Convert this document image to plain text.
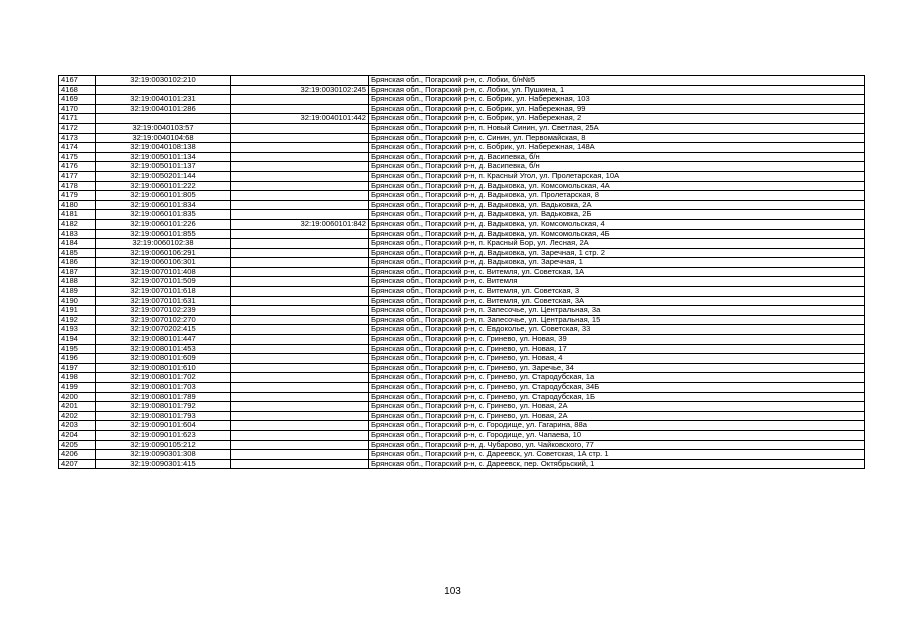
4167	32:19:0030102:210		Брянская обл., Погарский р-н, с. Лобки, б/н№5
4168		32:19:0030102:245	Брянская обл., Погарский р-н, с. Лобки, ул. Пушкина, 1
4169	32:19:0040101:231		Брянская обл., Погарский р-н, с. Бобрик, ул. Набережная, 103
4170	32:19:0040101:286		Брянская обл., Погарский р-н, с. Бобрик, ул. Набережная, 99
4171		32:19:0040101:442	Брянская обл., Погарский р-н, с. Бобрик, ул. Набережная, 2
4172	32:19:0040103:57		Брянская обл., Погарский р-н, п. Новый Синин, ул. Светлая, 25А
4173	32:19:0040104:68		Брянская обл., Погарский р-н, с. Синин, ул. Первомайская, 8
4174	32:19:0040108:138		Брянская обл., Погарский р-н, с. Бобрик, ул. Набережная, 148А
4175	32:19:0050101:134		Брянская обл., Погарский р-н, д. Васипевка, б/н
4176	32:19:0050101:137		Брянская обл., Погарский р-н, д. Васипевка, б/н
4177	32:19:0050201:144		Брянская обл., Погарский р-н, п. Красный Угол, ул. Пролетарская, 10А
4178	32:19:0060101:222		Брянская обл., Погарский р-н, д. Вадьковка, ул. Комсомольская, 4А
4179	32:19:0060101:805		Брянская обл., Погарский р-н, д. Вадьковка, ул. Пролетарская, 8
4180	32:19:0060101:834		Брянская обл., Погарский р-н, д. Вадьковка, ул. Вадьковка, 2А
4181	32:19:0060101:835		Брянская обл., Погарский р-н, д. Вадьковка, ул. Вадьковка, 2Б
4182	32:19:0060101:226	32:19:0060101:842	Брянская обл., Погарский р-н, д. Вадьковка, ул. Комсомольская, 4
4183	32:19:0060101:855		Брянская обл., Погарский р-н, д. Вадьковка, ул. Комсомольская, 4Б
4184	32:19:0060102:38		Брянская обл., Погарский р-н, п. Красный Бор, ул. Лесная, 2А
4185	32:19:0060106:291		Брянская обл., Погарский р-н, д. Вадьковка, ул. Заречная, 1 стр. 2
4186	32:19:0060106:301		Брянская обл., Погарский р-н, д. Вадьковка, ул. Заречная, 1
4187	32:19:0070101:408		Брянская обл., Погарский р-н, с. Витемля, ул. Советская, 1А
4188	32:19:0070101:509		Брянская обл., Погарский р-н, с. Витемля
4189	32:19:0070101:618		Брянская обл., Погарский р-н, с. Витемля, ул. Советская, 3
4190	32:19:0070101:631		Брянская обл., Погарский р-н, с. Витемля, ул. Советская, 3А
4191	32:19:0070102:239		Брянская обл., Погарский р-н, п. Запесочье, ул. Центральная, 3а
4192	32:19:0070102:270		Брянская обл., Погарский р-н, п. Запесочье, ул. Центральная, 15
4193	32:19:0070202:415		Брянская обл., Погарский р-н, с. Евдоколье, ул. Советская, 33
4194	32:19:0080101:447		Брянская обл., Погарский р-н, с. Гринево, ул. Новая, 39
4195	32:19:0080101:453		Брянская обл., Погарский р-н, с. Гринево, ул. Новая, 17
4196	32:19:0080101:609		Брянская обл., Погарский р-н, с. Гринево, ул. Новая, 4
4197	32:19:0080101:610		Брянская обл., Погарский р-н, с. Гринево, ул. Заречье, 34
4198	32:19:0080101:702		Брянская обл., Погарский р-н, с. Гринево, ул. Стародубская, 1а
4199	32:19:0080101:703		Брянская обл., Погарский р-н, с. Гринево, ул. Стародубская, 34Б
4200	32:19:0080101:789		Брянская обл., Погарский р-н, с. Гринево, ул. Стародубская, 1Б
4201	32:19:0080101:792		Брянская обл., Погарский р-н, с. Гринево, ул. Новая, 2А
4202	32:19:0080101:793		Брянская обл., Погарский р-н, с. Гринево, ул. Новая, 2А
4203	32:19:0090101:604		Брянская обл., Погарский р-н, с. Городище, ул. Гагарина, 88а
4204	32:19:0090101:623		Брянская обл., Погарский р-н, с. Городище, ул. Чапаева, 10
4205	32:19:0090105:212		Брянская обл., Погарский р-н, д. Чубарово, ул. Чайковского, 77
4206	32:19:0090301:308		Брянская обл., Погарский р-н, с. Дареевск, ул. Советская, 1А стр. 1
4207	32:19:0090301:415		Брянская обл., Погарский р-н, с. Дареевск, пер. Октябрьский, 1
103
